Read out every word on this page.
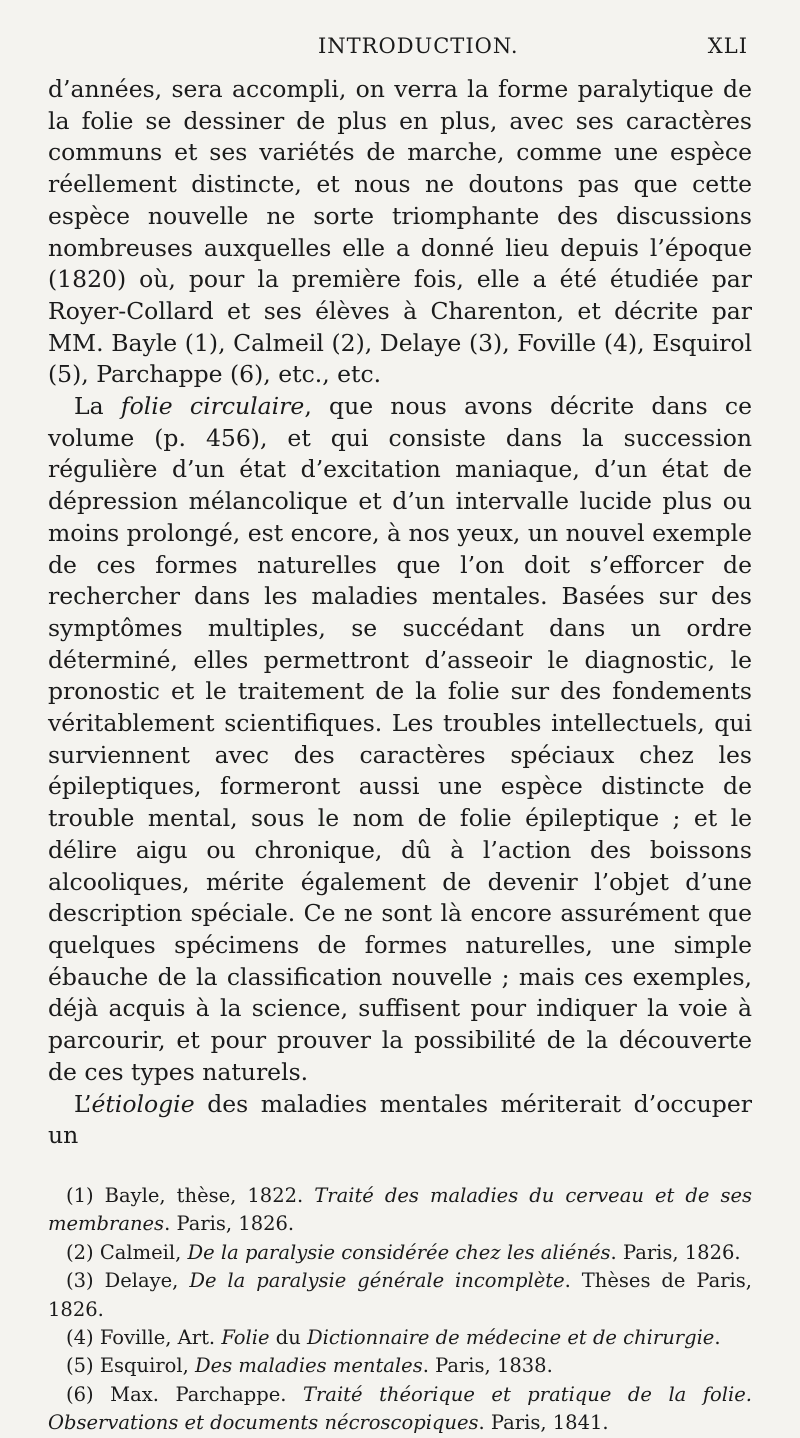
INTRODUCTION.	XLI

d’années, sera accompli, on verra la forme paralytique de la folie se dessiner de plus en plus, avec ses caractères communs et ses variétés de marche, comme une espèce réellement distincte, et nous ne doutons pas que cette espèce nouvelle ne sorte triomphante des discussions nombreuses auxquelles elle a donné lieu depuis l’époque (1820) où, pour la première fois, elle a été étudiée par Royer-Collard et ses élèves à Charenton, et décrite par MM. Bayle (1), Calmeil (2), Delaye (3), Foville (4), Esquirol (5), Parchappe (6), etc., etc.

La folie circulaire, que nous avons décrite dans ce volume (p. 456), et qui consiste dans la succession régulière d’un état d’excitation maniaque, d’un état de dépression mélancolique et d’un intervalle lucide plus ou moins prolongé, est encore, à nos yeux, un nouvel exemple de ces formes naturelles que l’on doit s’efforcer de rechercher dans les maladies mentales. Basées sur des symptômes multiples, se succédant dans un ordre déterminé, elles permettront d’asseoir le diagnostic, le pronostic et le traitement de la folie sur des fondements véritablement scientifiques. Les troubles intellectuels, qui surviennent avec des caractères spéciaux chez les épileptiques, formeront aussi une espèce distincte de trouble mental, sous le nom de folie épileptique ; et le délire aigu ou chronique, dû à l’action des boissons alcooliques, mérite également de devenir l’objet d’une description spéciale. Ce ne sont là encore assurément que quelques spécimens de formes naturelles, une simple ébauche de la classification nouvelle ; mais ces exemples, déjà acquis à la science, suffisent pour indiquer la voie à parcourir, et pour prouver la possibilité de la découverte de ces types naturels.

L’étiologie des maladies mentales mériterait d’occuper un

(1) Bayle, thèse, 1822. Traité des maladies du cerveau et de ses membranes. Paris, 1826.

(2) Calmeil, De la paralysie considérée chez les aliénés. Paris, 1826.

(3) Delaye, De la paralysie générale incomplète. Thèses de Paris, 1826.

(4) Foville, Art. Folie du Dictionnaire de médecine et de chirurgie.

(5) Esquirol, Des maladies mentales. Paris, 1838.

(6) Max. Parchappe. Traité théorique et pratique de la folie. Observations et documents nécroscopiques. Paris, 1841.
